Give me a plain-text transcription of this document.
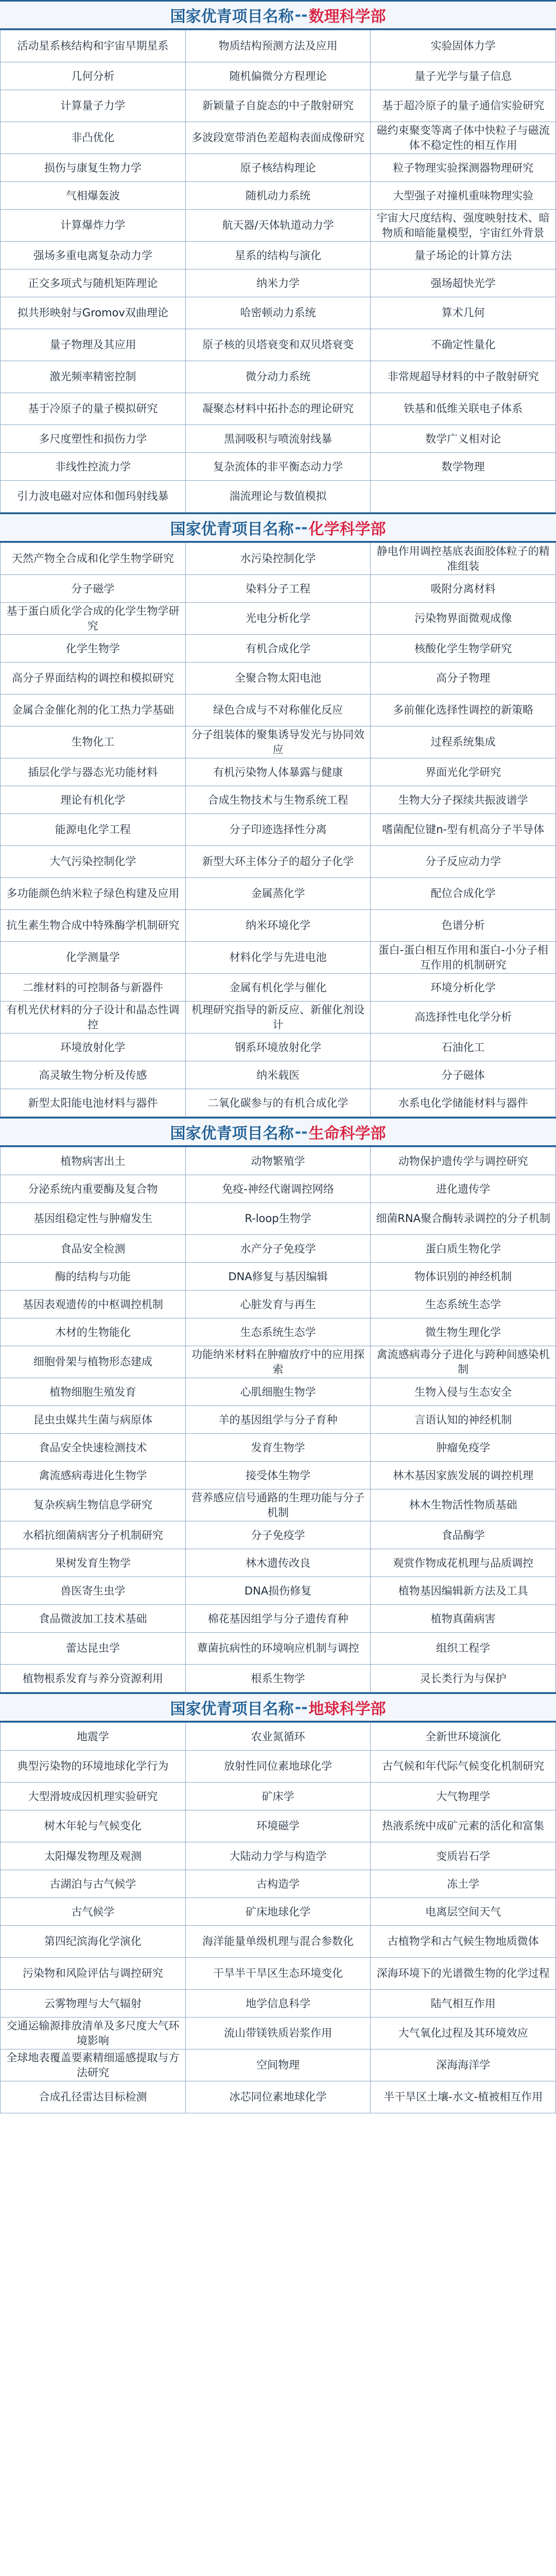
国家优青项目名称 -- 数理科学部
活动星系核结构和宇宙早期星系	物质结构预测方法及应用	实验固体力学
几何分析	随机偏微分方程理论	量子光学与量子信息
计算量子力学	新颖量子自旋态的中子散射研究	基于超冷原子的量子通信实验研究
非凸优化	多波段宽带消色差超构表面成像研究	磁约束聚变等离子体中快粒子与磁流体不稳定性的相互作用
损伤与康复生物力学	原子核结构理论	粒子物理实验探测器物理研究
气相爆轰波	随机动力系统	大型强子对撞机重味物理实验
计算爆炸力学	航天器/天体轨道动力学	宇宙大尺度结构、强度映射技术、暗物质和暗能量模型，宇宙红外背景
强场多重电离复杂动力学	星系的结构与演化	量子场论的计算方法
正交多项式与随机矩阵理论	纳米力学	强场超快光学
拟共形映射与Gromov双曲理论	哈密顿动力系统	算术几何
量子物理及其应用	原子核的贝塔衰变和双贝塔衰变	不确定性量化
激光频率精密控制	微分动力系统	非常规超导材料的中子散射研究
基于冷原子的量子模拟研究	凝聚态材料中拓扑态的理论研究	铁基和低维关联电子体系
多尺度塑性和损伤力学	黑洞吸积与喷流射线暴	数学广义相对论
非线性控流力学	复杂流体的非平衡态动力学	数学物理
引力波电磁对应体和伽玛射线暴	湍流理论与数值模拟	
国家优青项目名称 -- 化学科学部
天然产物全合成和化学生物学研究	水污染控制化学	静电作用调控基底表面胶体粒子的精准组装
分子磁学	染料分子工程	吸附分离材料
基于蛋白质化学合成的化学生物学研究	光电分析化学	污染物界面微观成像
化学生物学	有机合成化学	核酸化学生物学研究
高分子界面结构的调控和模拟研究	全聚合物太阳电池	高分子物理
金属合金催化剂的化工热力学基础	绿色合成与不对称催化反应	多前催化选择性调控的新策略
生物化工	分子组装体的聚集诱导发光与协同效应	过程系统集成
插层化学与器态光功能材料	有机污染物人体暴露与健康	界面光化学研究
理论有机化学	合成生物技术与生物系统工程	生物大分子探续共振波谱学
能源电化学工程	分子印迹选择性分离	嗜菌配位键n-型有机高分子半导体
大气污染控制化学	新型大环主体分子的超分子化学	分子反应动力学
多功能颜色纳米粒子绿色构建及应用	金属蒸化学	配位合成化学
抗生素生物合成中特殊酶学机制研究	纳米环境化学	色谱分析
化学测量学	材料化学与先进电池	蛋白-蛋白相互作用和蛋白-小分子相互作用的机制研究
二维材料的可控制备与新器件	金属有机化学与催化	环境分析化学
有机光伏材料的分子设计和晶态性调控	机理研究指导的新反应、新催化剂设计	高选择性电化学分析
环境放射化学	钢系环境放射化学	石油化工
高灵敏生物分析及传感	纳米载医	分子磁体
新型太阳能电池材料与器件	二氧化碳参与的有机合成化学	水系电化学储能材料与器件
国家优青项目名称 -- 生命科学部
植物病害出土	动物繁殖学	动物保护遗传学与调控研究
分泌系统内重要酶及复合物	免疫-神经代谢调控网络	进化遗传学
基因组稳定性与肿瘤发生	R-loop生物学	细菌RNA聚合酶转录调控的分子机制
食品安全检测	水产分子免疫学	蛋白质生物化学
酶的结构与功能	DNA修复与基因编辑	物体识别的神经机制
基因表观遗传的中枢调控机制	心脏发育与再生	生态系统生态学
木材的生物能化	生态系统生态学	微生物生理化学
细胞骨架与植物形态建成	功能纳米材料在肿瘤放疗中的应用探索	禽流感病毒分子进化与跨种间感染机制
植物细胞生殖发育	心肌细胞生物学	生物入侵与生态安全
昆虫虫媒共生菌与病原体	羊的基因组学与分子育种	言语认知的神经机制
食品安全快速检测技术	发育生物学	肿瘤免疫学
禽流感病毒进化生物学	接受体生物学	林木基因家族发展的调控机理
复杂疾病生物信息学研究	营养感应信号通路的生理功能与分子机制	林木生物活性物质基础
水稻抗细菌病害分子机制研究	分子免疫学	食品酶学
果树发育生物学	林木遗传改良	观赏作物成花机理与品质调控
兽医寄生虫学	DNA损伤修复	植物基因编辑新方法及工具
食品微波加工技术基础	棉花基因组学与分子遗传育种	植物真菌病害
蕾达昆虫学	蕈菌抗病性的环境响应机制与调控	组织工程学
植物根系发育与养分资源利用	根系生物学	灵长类行为与保护
国家优青项目名称 -- 地球科学部
地震学	农业氮循环	全新世环境演化
典型污染物的环境地球化学行为	放射性同位素地球化学	古气候和年代际气候变化机制研究
大型滑坡成因机理实验研究	矿床学	大气物理学
树木年轮与气候变化	环境磁学	热液系统中成矿元素的活化和富集
太阳爆发物理及观测	大陆动力学与构造学	变质岩石学
古湖泊与古气候学	古构造学	冻土学
古气候学	矿床地球化学	电离层空间天气
第四纪滨海化学演化	海洋能量单级机理与混合参数化	古植物学和古气候生物地质微体
污染物和风险评估与调控研究	干旱半干旱区生态环境变化	深海环境下的光谱微生物的化学过程
云雾物理与大气辐射	地学信息科学	陆气相互作用
交通运输源排放清单及多尺度大气环境影响	流山带镁铁质岩浆作用	大气氧化过程及其环境效应
全球地表覆盖要素精细遥感提取与方法研究	空间物理	深海海洋学
合成孔径雷达目标检测	冰芯同位素地球化学	半干旱区土壤-水文-植被相互作用
